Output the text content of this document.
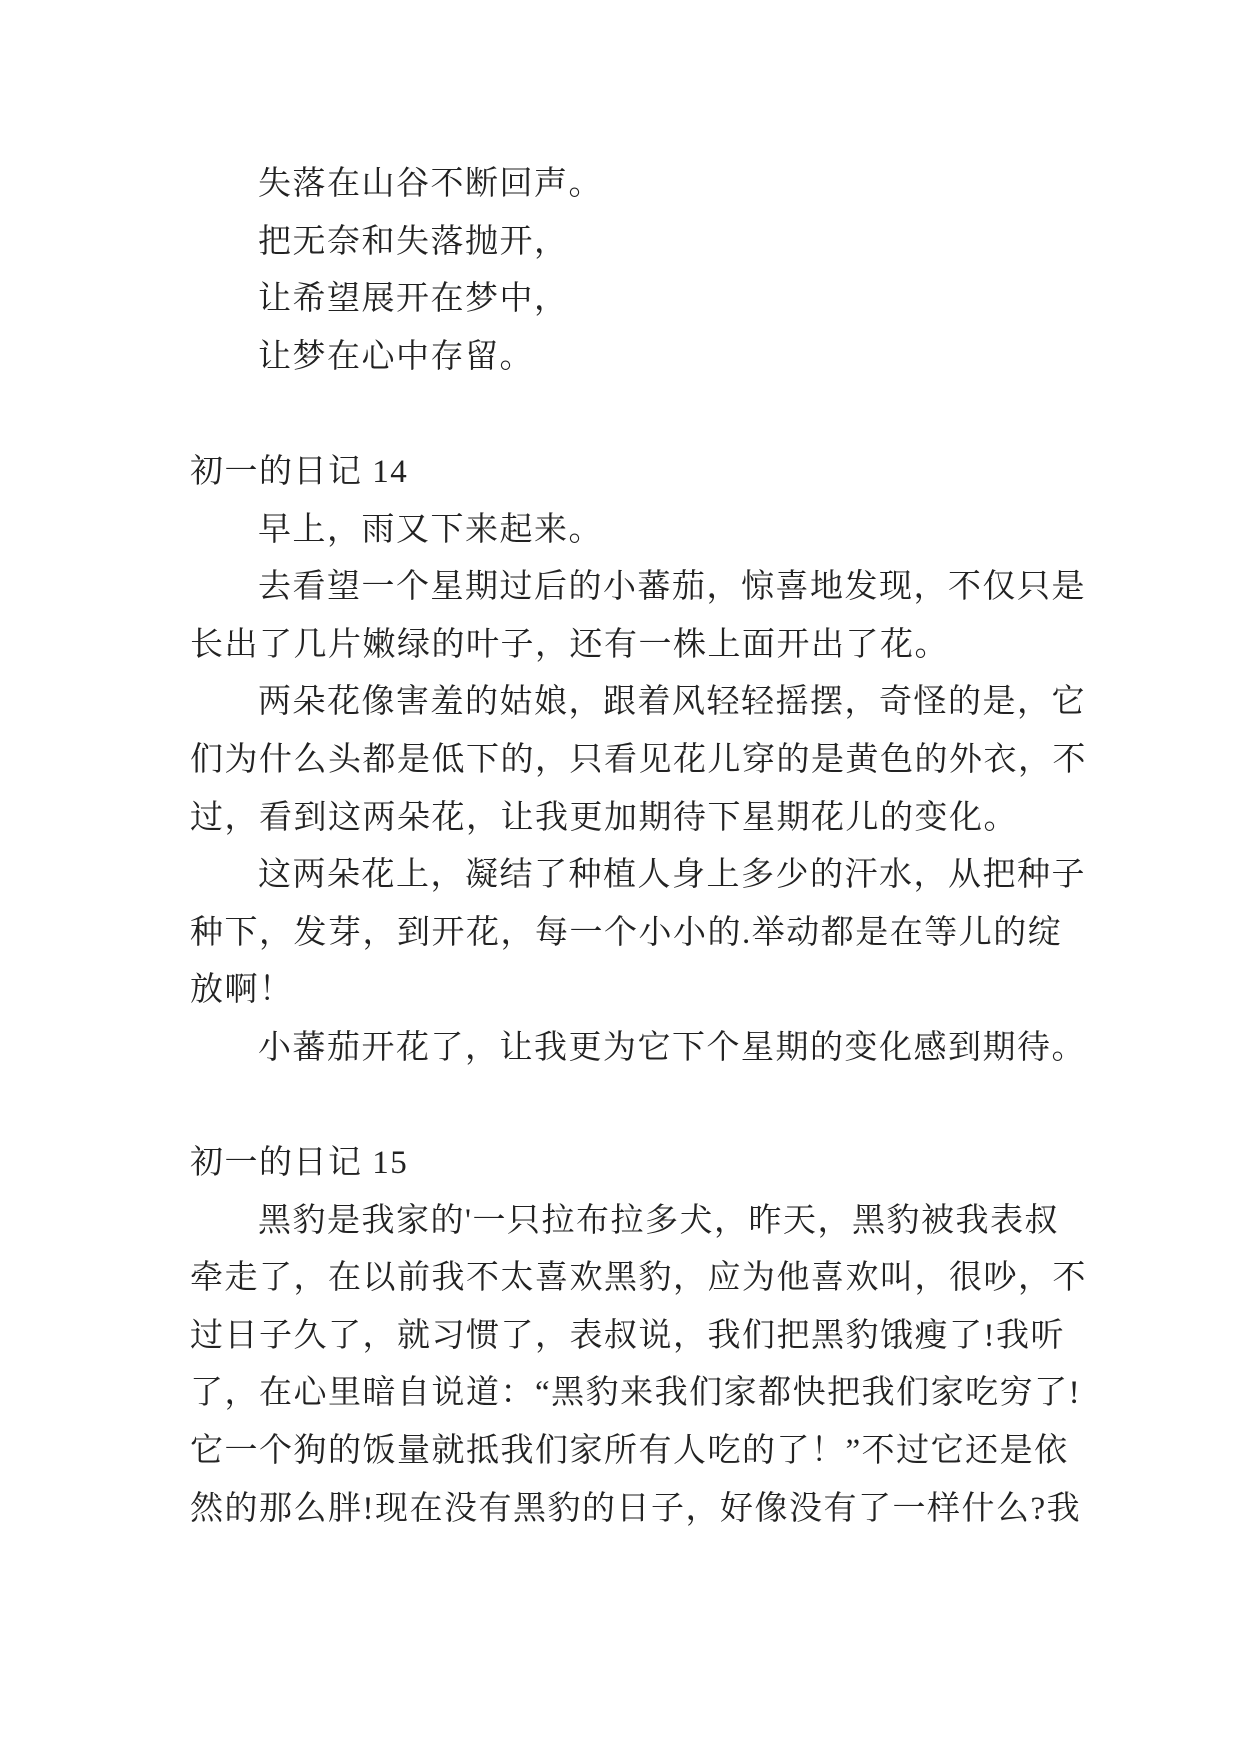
失落在山谷不断回声。
把无奈和失落抛开，
让希望展开在梦中，
让梦在心中存留。
初一的日记 14
早上，雨又下来起来。
去看望一个星期过后的小蕃茄，惊喜地发现，不仅只是
长出了几片嫩绿的叶子，还有一株上面开出了花。
两朵花像害羞的姑娘，跟着风轻轻摇摆，奇怪的是，它
们为什么头都是低下的，只看见花儿穿的是黄色的外衣，不
过，看到这两朵花，让我更加期待下星期花儿的变化。
这两朵花上，凝结了种植人身上多少的汗水，从把种子
种下，发芽，到开花，每一个小小的.举动都是在等儿的绽
放啊！
小蕃茄开花了，让我更为它下个星期的变化感到期待。
初一的日记 15
黑豹是我家的'一只拉布拉多犬，昨天，黑豹被我表叔
牵走了，在以前我不太喜欢黑豹，应为他喜欢叫，很吵，不
过日子久了，就习惯了，表叔说，我们把黑豹饿瘦了!我听
了，在心里暗自说道：“黑豹来我们家都快把我们家吃穷了!
它一个狗的饭量就抵我们家所有人吃的了！”不过它还是依
然的那么胖!现在没有黑豹的日子，好像没有了一样什么?我
